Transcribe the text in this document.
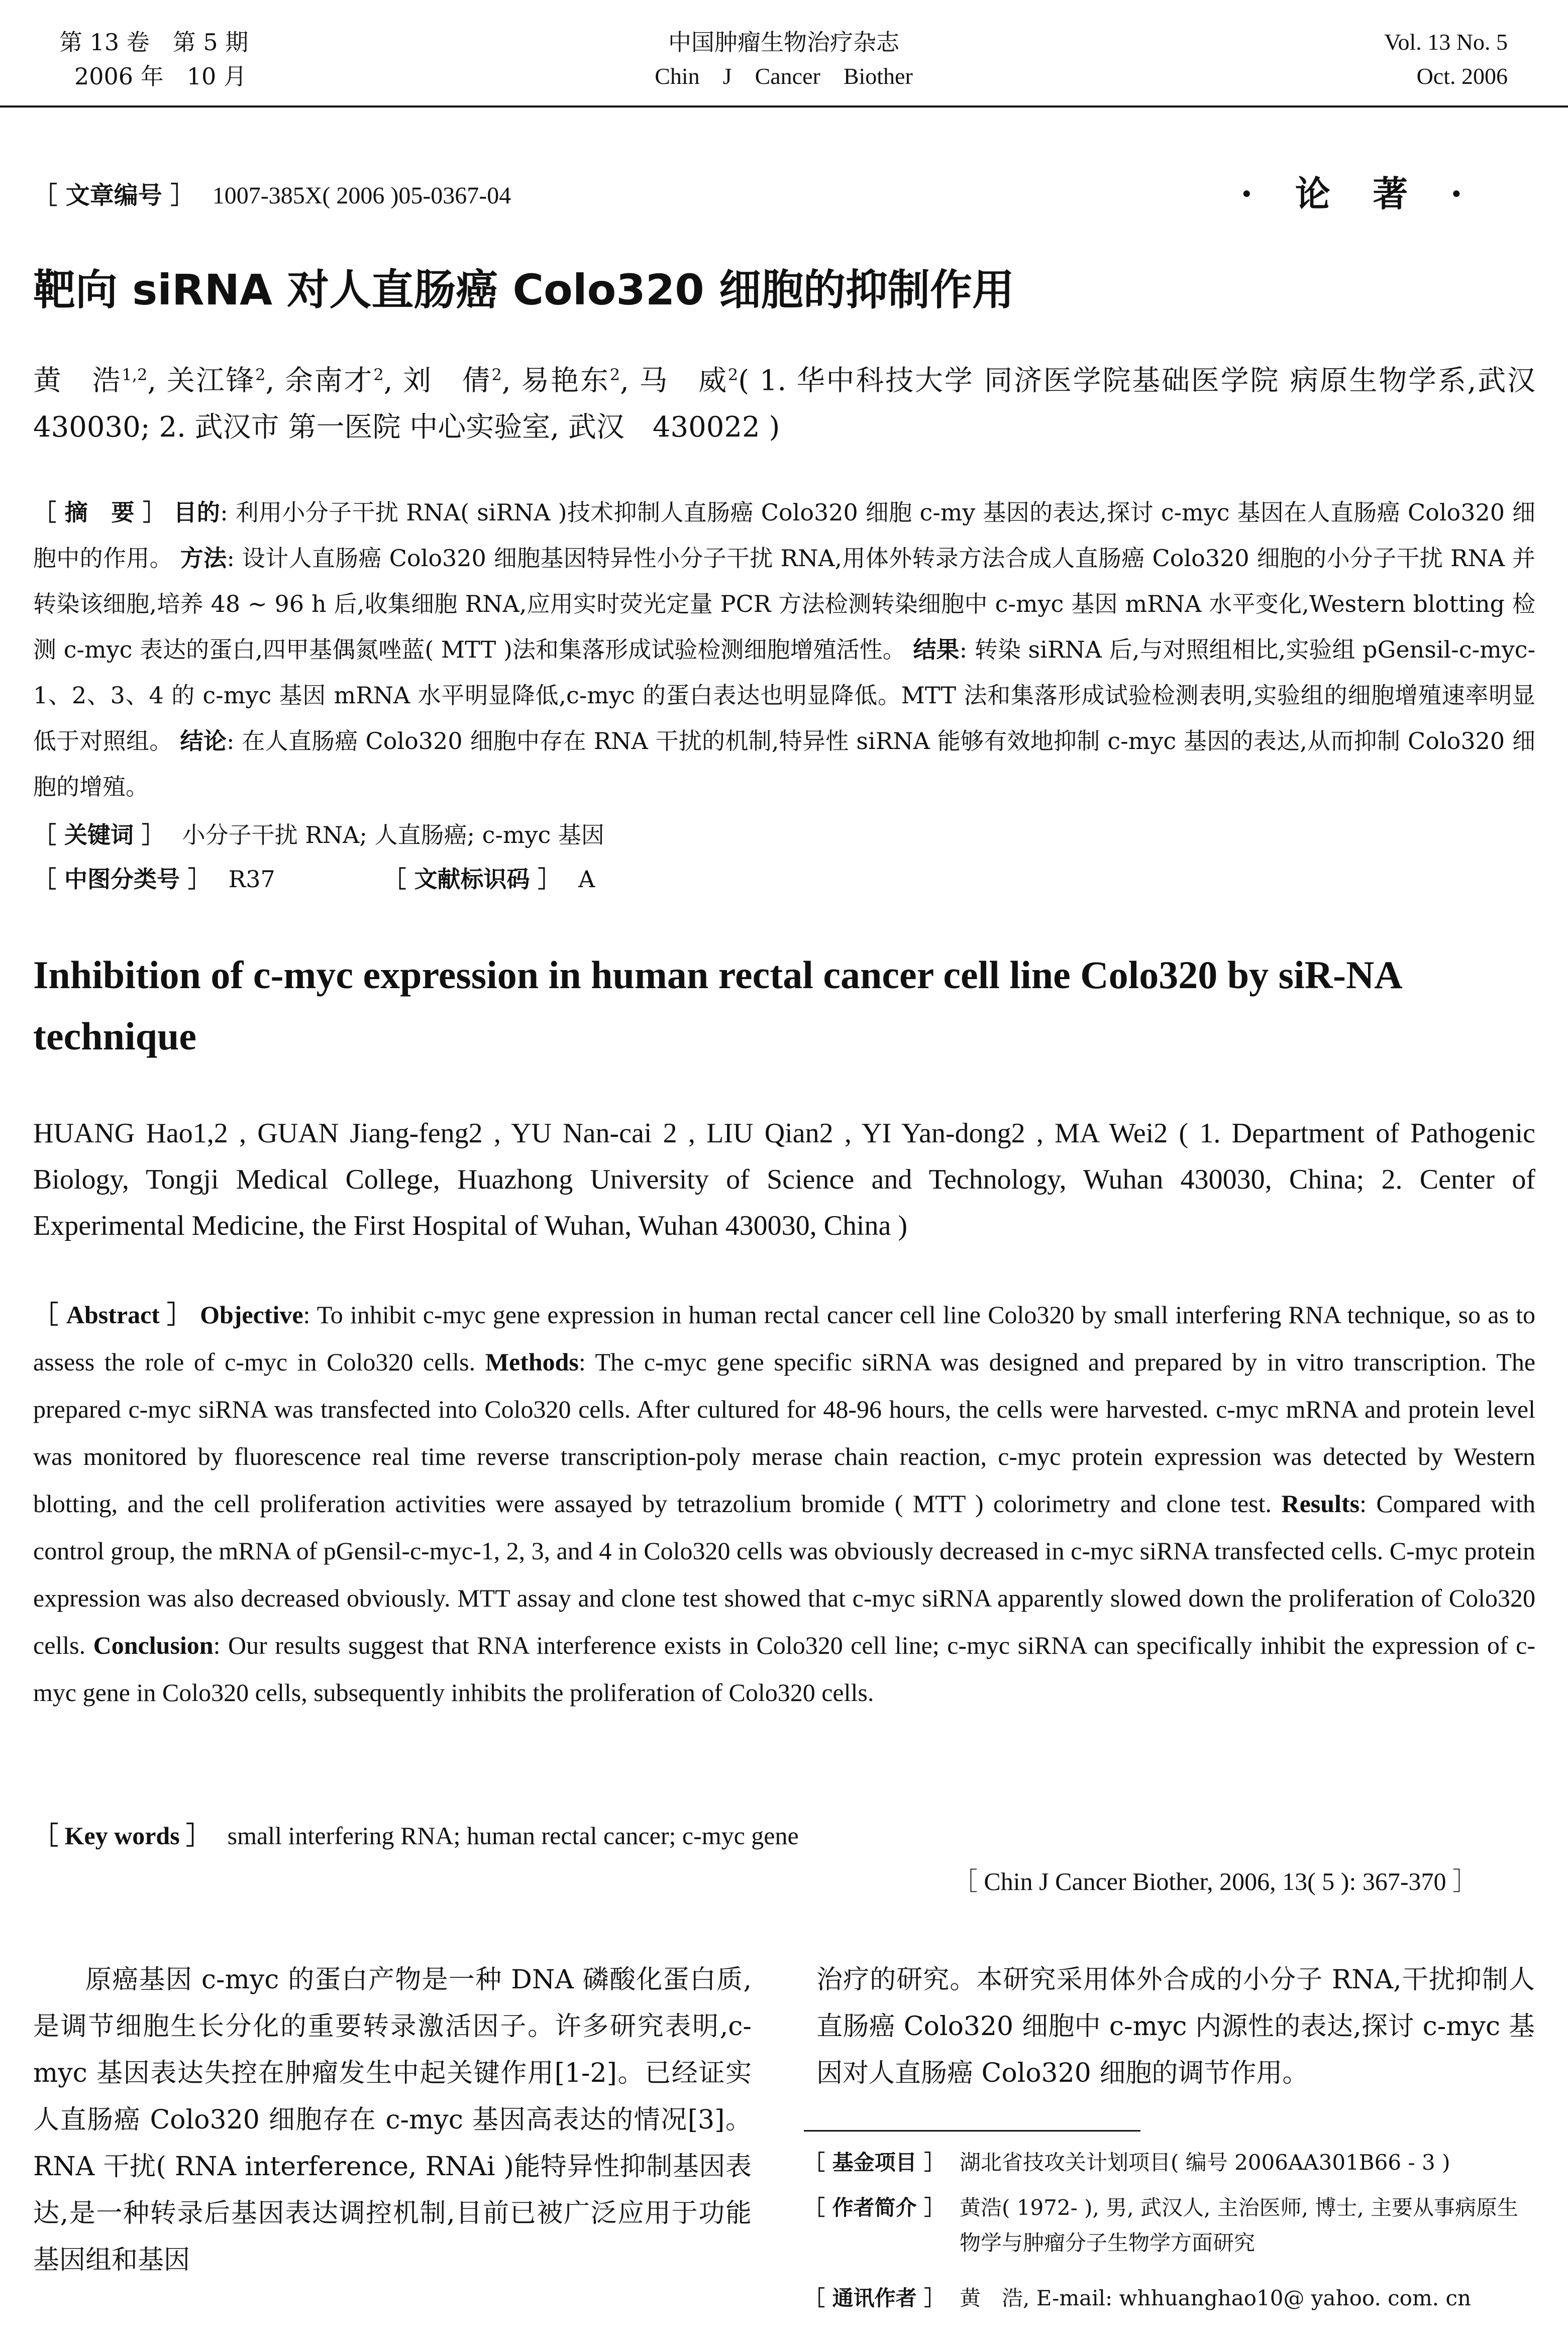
第 13 卷　第 5 期
2006 年　10 月
中国肿瘤生物治疗杂志
Chin　J　Cancer　Biother
Vol. 13 No. 5
Oct. 2006
［ 文章编号 ］ 1007-385X( 2006 )05-0367-04	· 论 著 ·
靶向 siRNA 对人直肠癌 Colo320 细胞的抑制作用
黄　浩$^{1,2}$, 关江锋$^2$, 余南才$^2$, 刘　倩$^2$, 易艳东$^2$, 马　威$^2$( 1. 华中科技大学 同济医学院基础医学院 病原生物学系,武汉　430030; 2. 武汉市 第一医院 中心实验室, 武汉　430022 )
［ 摘　要 ］ 目的: 利用小分子干扰 RNA( siRNA )技术抑制人直肠癌 Colo320 细胞 c-my 基因的表达,探讨 c-myc 基因在人直肠癌 Colo320 细胞中的作用。 方法: 设计人直肠癌 Colo320 细胞基因特异性小分子干扰 RNA,用体外转录方法合成人直肠癌 Colo320 细胞的小分子干扰 RNA 并转染该细胞,培养 48 ~ 96 h 后,收集细胞 RNA,应用实时荧光定量 PCR 方法检测转染细胞中 c-myc 基因 mRNA 水平变化,Western blotting 检测 c-myc 表达的蛋白,四甲基偶氮唑蓝( MTT )法和集落形成试验检测细胞增殖活性。 结果: 转染 siRNA 后,与对照组相比,实验组 pGensil-c-myc-1、2、3、4 的 c-myc 基因 mRNA 水平明显降低,c-myc 的蛋白表达也明显降低。MTT 法和集落形成试验检测表明,实验组的细胞增殖速率明显低于对照组。 结论: 在人直肠癌 Colo320 细胞中存在 RNA 干扰的机制,特异性 siRNA 能够有效地抑制 c-myc 基因的表达,从而抑制 Colo320 细胞的增殖。
［ 关键词 ］ 小分子干扰 RNA; 人直肠癌; c-myc 基因
［ 中图分类号 ］ R37	［ 文献标识码 ］ A
Inhibition of c-myc expression in human rectal cancer cell line Colo320 by siR-NA technique
HUANG Hao1,2 , GUAN Jiang-feng2 , YU Nan-cai 2 , LIU Qian2 , YI Yan-dong2 , MA Wei2 ( 1. Department of Pathogenic Biology, Tongji Medical College, Huazhong University of Science and Technology, Wuhan 430030, China; 2. Center of Experimental Medicine, the First Hospital of Wuhan, Wuhan 430030, China )
［ Abstract ］ Objective: To inhibit c-myc gene expression in human rectal cancer cell line Colo320 by small interfering RNA technique, so as to assess the role of c-myc in Colo320 cells. Methods: The c-myc gene specific siRNA was designed and prepared by in vitro transcription. The prepared c-myc siRNA was transfected into Colo320 cells. After cultured for 48-96 hours, the cells were harvested. c-myc mRNA and protein level was monitored by fluorescence real time reverse transcription-poly merase chain reaction, c-myc protein expression was detected by Western blotting, and the cell proliferation activities were assayed by tetrazolium bromide ( MTT ) colorimetry and clone test. Results: Compared with control group, the mRNA of pGensil-c-myc-1, 2, 3, and 4 in Colo320 cells was obviously decreased in c-myc siRNA transfected cells. C-myc protein expression was also decreased obviously. MTT assay and clone test showed that c-myc siRNA apparently slowed down the proliferation of Colo320 cells. Conclusion: Our results suggest that RNA interference exists in Colo320 cell line; c-myc siRNA can specifically inhibit the expression of c-myc gene in Colo320 cells, subsequently inhibits the proliferation of Colo320 cells.
［ Key words ］ small interfering RNA; human rectal cancer; c-myc gene
［ Chin J Cancer Biother, 2006, 13( 5 ): 367-370 ］
原癌基因 c-myc 的蛋白产物是一种 DNA 磷酸化蛋白质,是调节细胞生长分化的重要转录激活因子。许多研究表明,c-myc 基因表达失控在肿瘤发生中起关键作用[1-2]。已经证实人直肠癌 Colo320 细胞存在 c-myc 基因高表达的情况[3]。RNA 干扰( RNA interference, RNAi )能特异性抑制基因表达,是一种转录后基因表达调控机制,目前已被广泛应用于功能基因组和基因
治疗的研究。本研究采用体外合成的小分子 RNA,干扰抑制人直肠癌 Colo320 细胞中 c-myc 内源性的表达,探讨 c-myc 基因对人直肠癌 Colo320 细胞的调节作用。
［ 基金项目 ］ 湖北省技攻关计划项目( 编号 2006AA301B66 - 3 )
［ 作者简介 ］ 黄浩( 1972- ), 男, 武汉人, 主治医师, 博士, 主要从事病原生物学与肿瘤分子生物学方面研究
［ 通讯作者 ］ 黄　浩, E-mail: whhuanghao10@ yahoo. com. cn
